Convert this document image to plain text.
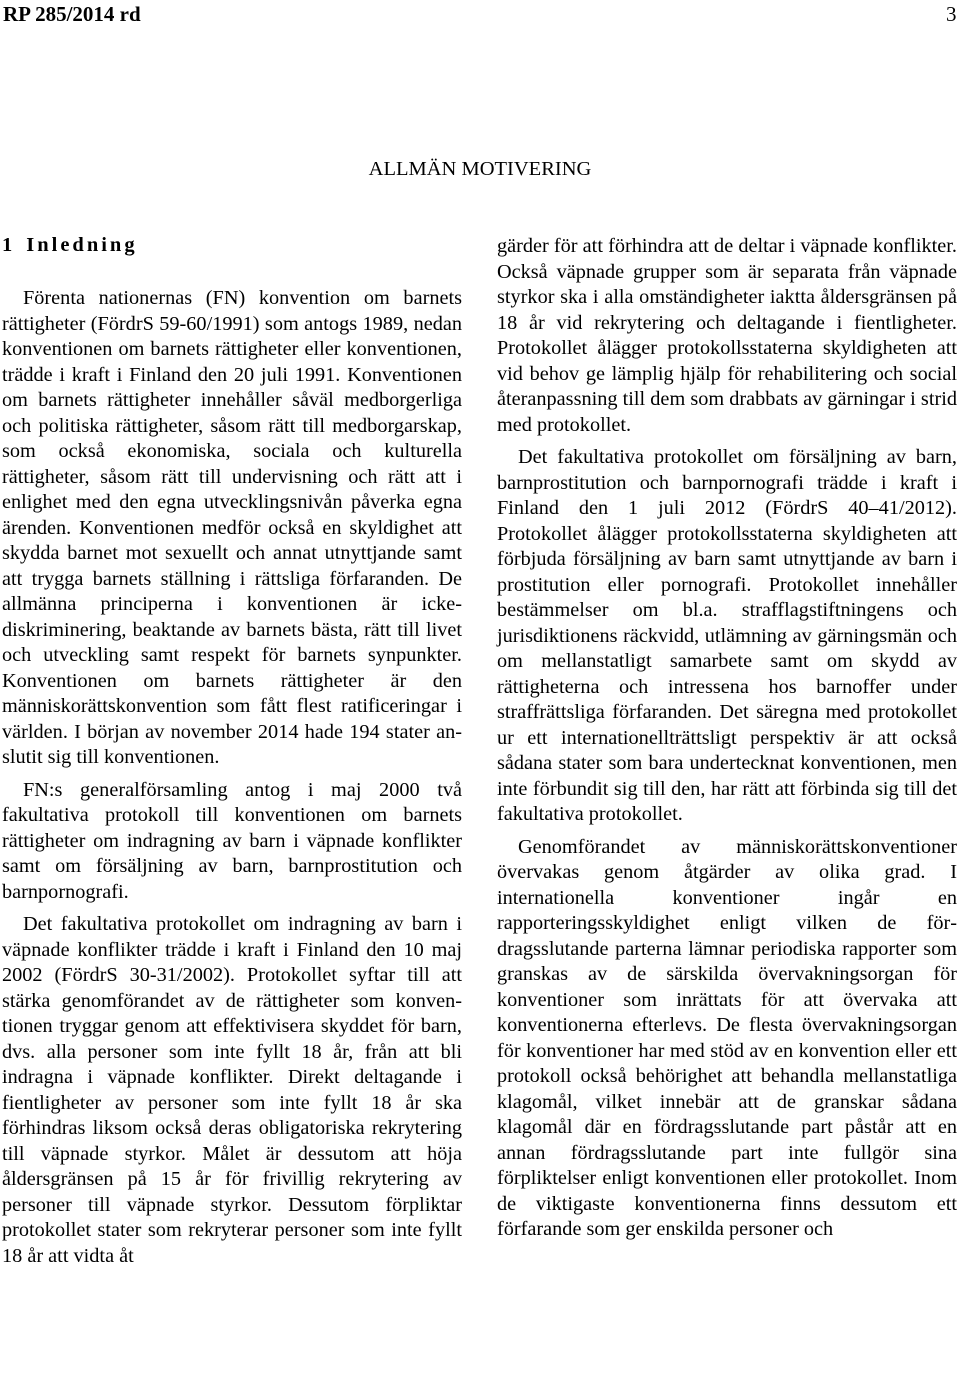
RP 285/2014 rd	3
ALLMÄN MOTIVERING
1 Inledning

Förenta nationernas (FN) konvention om barnets rättigheter (FördrS 59-60/1991) som antogs 1989, nedan konventionen om barnets rättigheter eller konventionen, trädde i kraft i Finland den 20 juli 1991. Konventionen om barnets rättigheter innehåller såväl medborgerliga och politiska rättigheter, såsom rätt till medborgarskap, som också ekonomiska, sociala och kulturella rättigheter, såsom rätt till undervisning och rätt att i enlighet med den egna utvecklingsnivån påverka egna ärenden. Konventionen medför också en skyldighet att skydda barnet mot sexuellt och annat utnyttjande samt att trygga barnets ställning i rättsliga förfaranden. De allmänna principerna i konventionen är ickediskriminering, beaktande av barnets bästa, rätt till livet och utveckling samt respekt för barnets synpunkter. Konventionen om barnets rättigheter är den människorättskonvention som fått flest ratificeringar i världen. I början av november 2014 hade 194 stater anslutit sig till konventionen.

FN:s generalförsamling antog i maj 2000 två fakultativa protokoll till konventionen om barnets rättigheter om indragning av barn i väpnade konflikter samt om försäljning av barn, barnprostitution och barnpornografi.

Det fakultativa protokollet om indragning av barn i väpnade konflikter trädde i kraft i Finland den 10 maj 2002 (FördrS 30-31/2002). Protokollet syftar till att stärka genomförandet av de rättigheter som konventionen tryggar genom att effektivisera skyddet för barn, dvs. alla personer som inte fyllt 18 år, från att bli indragna i väpnade konflikter. Direkt deltagande i fientligheter av personer som inte fyllt 18 år ska förhindras liksom också deras obligatoriska rekrytering till väpnade styrkor. Målet är dessutom att höja åldersgränsen på 15 år för frivillig rekrytering av personer till väpnade styrkor. Dessutom förpliktar protokollet stater som rekryterar personer som inte fyllt 18 år att vidta åt

gärder för att förhindra att de deltar i väpnade konflikter. Också väpnade grupper som är separata från väpnade styrkor ska i alla omständigheter iaktta åldersgränsen på 18 år vid rekrytering och deltagande i fientligheter. Protokollet ålägger protokollsstaterna skyldigheten att vid behov ge lämplig hjälp för rehabilitering och social återanpassning till dem som drabbats av gärningar i strid med protokollet.

Det fakultativa protokollet om försäljning av barn, barnprostitution och barnpornografi trädde i kraft i Finland den 1 juli 2012 (FördrS 40–41/2012). Protokollet ålägger protokollsstaterna skyldigheten att förbjuda försäljning av barn samt utnyttjande av barn i prostitution eller pornografi. Protokollet innehåller bestämmelser om bl.a. strafflagstiftningens och jurisdiktionens räckvidd, utlämning av gärningsmän och om mellanstatligt samarbete samt om skydd av rättigheterna och intressena hos barnoffer under straffrättsliga förfaranden. Det säregna med protokollet ur ett internationellträttsligt perspektiv är att också sådana stater som bara undertecknat konventionen, men inte förbundit sig till den, har rätt att förbinda sig till det fakultativa protokollet.

Genomförandet av människorättskonventioner övervakas genom åtgärder av olika grad. I internationella konventioner ingår en rapporteringsskyldighet enligt vilken de fördragsslutande parterna lämnar periodiska rapporter som granskas av de särskilda övervakningsorgan för konventioner som inrättats för att övervaka att konventionerna efterlevs. De flesta övervakningsorgan för konventioner har med stöd av en konvention eller ett protokoll också behörighet att behandla mellanstatliga klagomål, vilket innebär att de granskar sådana klagomål där en fördragsslutande part påstår att en annan fördragsslutande part inte fullgör sina förpliktelser enligt konventionen eller protokollet. Inom de viktigaste konventionerna finns dessutom ett förfarande som ger enskilda personer och
